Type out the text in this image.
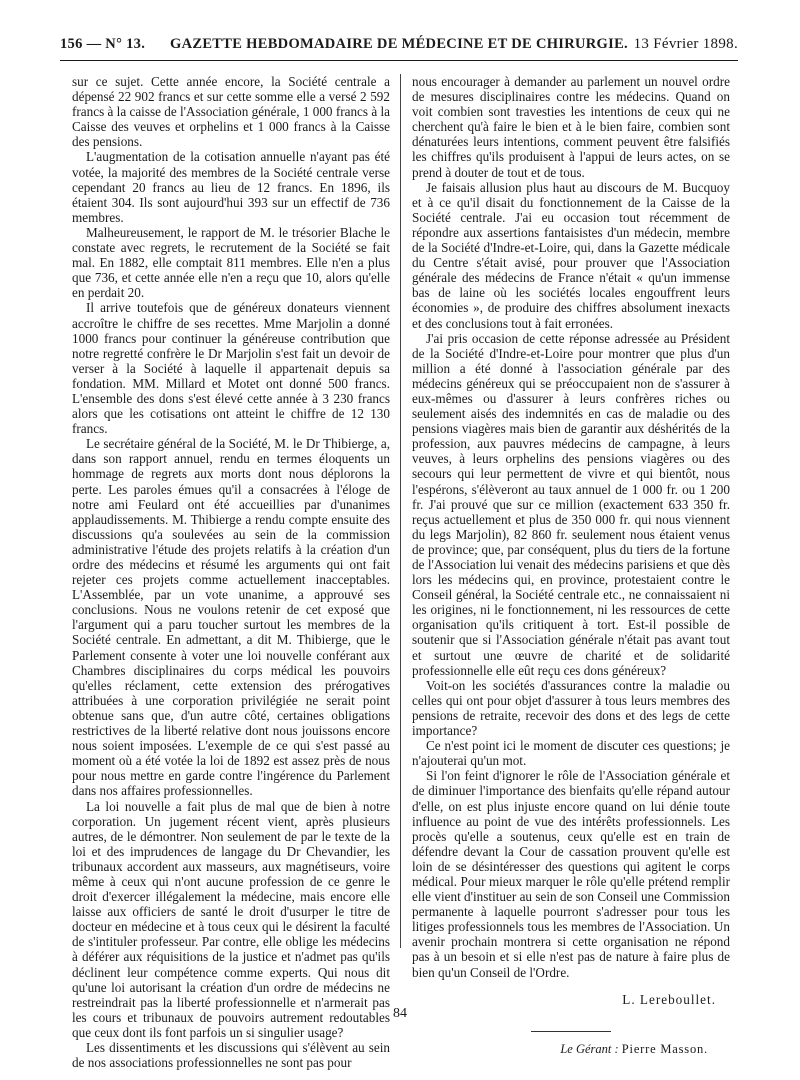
156 — N° 13.	GAZETTE HEBDOMADAIRE DE MÉDECINE ET DE CHIRURGIE. 13 Février 1898.

sur ce sujet. Cette année encore, la Société centrale a dépensé 22 902 francs et sur cette somme elle a versé 2 592 francs à la caisse de l'Association générale, 1 000 francs à la Caisse des veuves et orphelins et 1 000 francs à la Caisse des pensions.

L'augmentation de la cotisation annuelle n'ayant pas été votée, la majorité des membres de la Société centrale verse cependant 20 francs au lieu de 12 francs. En 1896, ils étaient 304. Ils sont aujourd'hui 393 sur un effectif de 736 membres.

Malheureusement, le rapport de M. le trésorier Blache le constate avec regrets, le recrutement de la Société se fait mal. En 1882, elle comptait 811 membres. Elle n'en a plus que 736, et cette année elle n'en a reçu que 10, alors qu'elle en perdait 20.

Il arrive toutefois que de généreux donateurs viennent accroître le chiffre de ses recettes. Mme Marjolin a donné 1000 francs pour continuer la généreuse contribution que notre regretté confrère le Dr Marjolin s'est fait un devoir de verser à la Société à laquelle il appartenait depuis sa fondation. MM. Millard et Motet ont donné 500 francs. L'ensemble des dons s'est élevé cette année à 3 230 francs alors que les cotisations ont atteint le chiffre de 12 130 francs.

Le secrétaire général de la Société, M. le Dr Thibierge, a, dans son rapport annuel, rendu en termes éloquents un hommage de regrets aux morts dont nous déplorons la perte. Les paroles émues qu'il a consacrées à l'éloge de notre ami Feulard ont été accueillies par d'unanimes applaudissements. M. Thibierge a rendu compte ensuite des discussions qu'a soulevées au sein de la commission administrative l'étude des projets relatifs à la création d'un ordre des médecins et résumé les arguments qui ont fait rejeter ces projets comme actuellement inacceptables. L'Assemblée, par un vote unanime, a approuvé ses conclusions. Nous ne voulons retenir de cet exposé que l'argument qui a paru toucher surtout les membres de la Société centrale. En admettant, a dit M. Thibierge, que le Parlement consente à voter une loi nouvelle conférant aux Chambres disciplinaires du corps médical les pouvoirs qu'elles réclament, cette extension des prérogatives attribuées à une corporation privilégiée ne serait point obtenue sans que, d'un autre côté, certaines obligations restrictives de la liberté relative dont nous jouissons encore nous soient imposées. L'exemple de ce qui s'est passé au moment où a été votée la loi de 1892 est assez près de nous pour nous mettre en garde contre l'ingérence du Parlement dans nos affaires professionnelles.

La loi nouvelle a fait plus de mal que de bien à notre corporation. Un jugement récent vient, après plusieurs autres, de le démontrer. Non seulement de par le texte de la loi et des imprudences de langage du Dr Chevandier, les tribunaux accordent aux masseurs, aux magnétiseurs, voire même à ceux qui n'ont aucune profession de ce genre le droit d'exercer illégalement la médecine, mais encore elle laisse aux officiers de santé le droit d'usurper le titre de docteur en médecine et à tous ceux qui le désirent la faculté de s'intituler professeur. Par contre, elle oblige les médecins à déférer aux réquisitions de la justice et n'admet pas qu'ils déclinent leur compétence comme experts. Qui nous dit qu'une loi autorisant la création d'un ordre de médecins ne restreindrait pas la liberté professionnelle et n'armerait pas les cours et tribunaux de pouvoirs autrement redoutables que ceux dont ils font parfois un si singulier usage?

Les dissentiments et les discussions qui s'élèvent au sein de nos associations professionnelles ne sont pas pour

nous encourager à demander au parlement un nouvel ordre de mesures disciplinaires contre les médecins. Quand on voit combien sont travesties les intentions de ceux qui ne cherchent qu'à faire le bien et à le bien faire, combien sont dénaturées leurs intentions, comment peuvent être falsifiés les chiffres qu'ils produisent à l'appui de leurs actes, on se prend à douter de tout et de tous.

Je faisais allusion plus haut au discours de M. Bucquoy et à ce qu'il disait du fonctionnement de la Caisse de la Société centrale. J'ai eu occasion tout récemment de répondre aux assertions fantaisistes d'un médecin, membre de la Société d'Indre-et-Loire, qui, dans la Gazette médicale du Centre s'était avisé, pour prouver que l'Association générale des médecins de France n'était « qu'un immense bas de laine où les sociétés locales engouffrent leurs économies », de produire des chiffres absolument inexacts et des conclusions tout à fait erronées.

J'ai pris occasion de cette réponse adressée au Président de la Société d'Indre-et-Loire pour montrer que plus d'un million a été donné à l'association générale par des médecins généreux qui se préoccupaient non de s'assurer à eux-mêmes ou d'assurer à leurs confrères riches ou seulement aisés des indemnités en cas de maladie ou des pensions viagères mais bien de garantir aux déshérités de la profession, aux pauvres médecins de campagne, à leurs veuves, à leurs orphelins des pensions viagères ou des secours qui leur permettent de vivre et qui bientôt, nous l'espérons, s'élèveront au taux annuel de 1 000 fr. ou 1 200 fr. J'ai prouvé que sur ce million (exactement 633 350 fr. reçus actuellement et plus de 350 000 fr. qui nous viennent du legs Marjolin), 82 860 fr. seulement nous étaient venus de province; que, par conséquent, plus du tiers de la fortune de l'Association lui venait des médecins parisiens et que dès lors les médecins qui, en province, protestaient contre le Conseil général, la Société centrale etc., ne connaissaient ni les origines, ni le fonctionnement, ni les ressources de cette organisation qu'ils critiquent à tort. Est-il possible de soutenir que si l'Association générale n'était pas avant tout et surtout une œuvre de charité et de solidarité professionnelle elle eût reçu ces dons généreux?

Voit-on les sociétés d'assurances contre la maladie ou celles qui ont pour objet d'assurer à tous leurs membres des pensions de retraite, recevoir des dons et des legs de cette importance?

Ce n'est point ici le moment de discuter ces questions; je n'ajouterai qu'un mot.

Si l'on feint d'ignorer le rôle de l'Association générale et de diminuer l'importance des bienfaits qu'elle répand autour d'elle, on est plus injuste encore quand on lui dénie toute influence au point de vue des intérêts professionnels. Les procès qu'elle a soutenus, ceux qu'elle est en train de défendre devant la Cour de cassation prouvent qu'elle est loin de se désintéresser des questions qui agitent le corps médical. Pour mieux marquer le rôle qu'elle prétend remplir elle vient d'instituer au sein de son Conseil une Commission permanente à laquelle pourront s'adresser pour tous les litiges professionnels tous les membres de l'Association. Un avenir prochain montrera si cette organisation ne répond pas à un besoin et si elle n'est pas de nature à faire plus de bien qu'un Conseil de l'Ordre.

L. Lereboullet.

Le Gérant : Pierre Masson.

84
